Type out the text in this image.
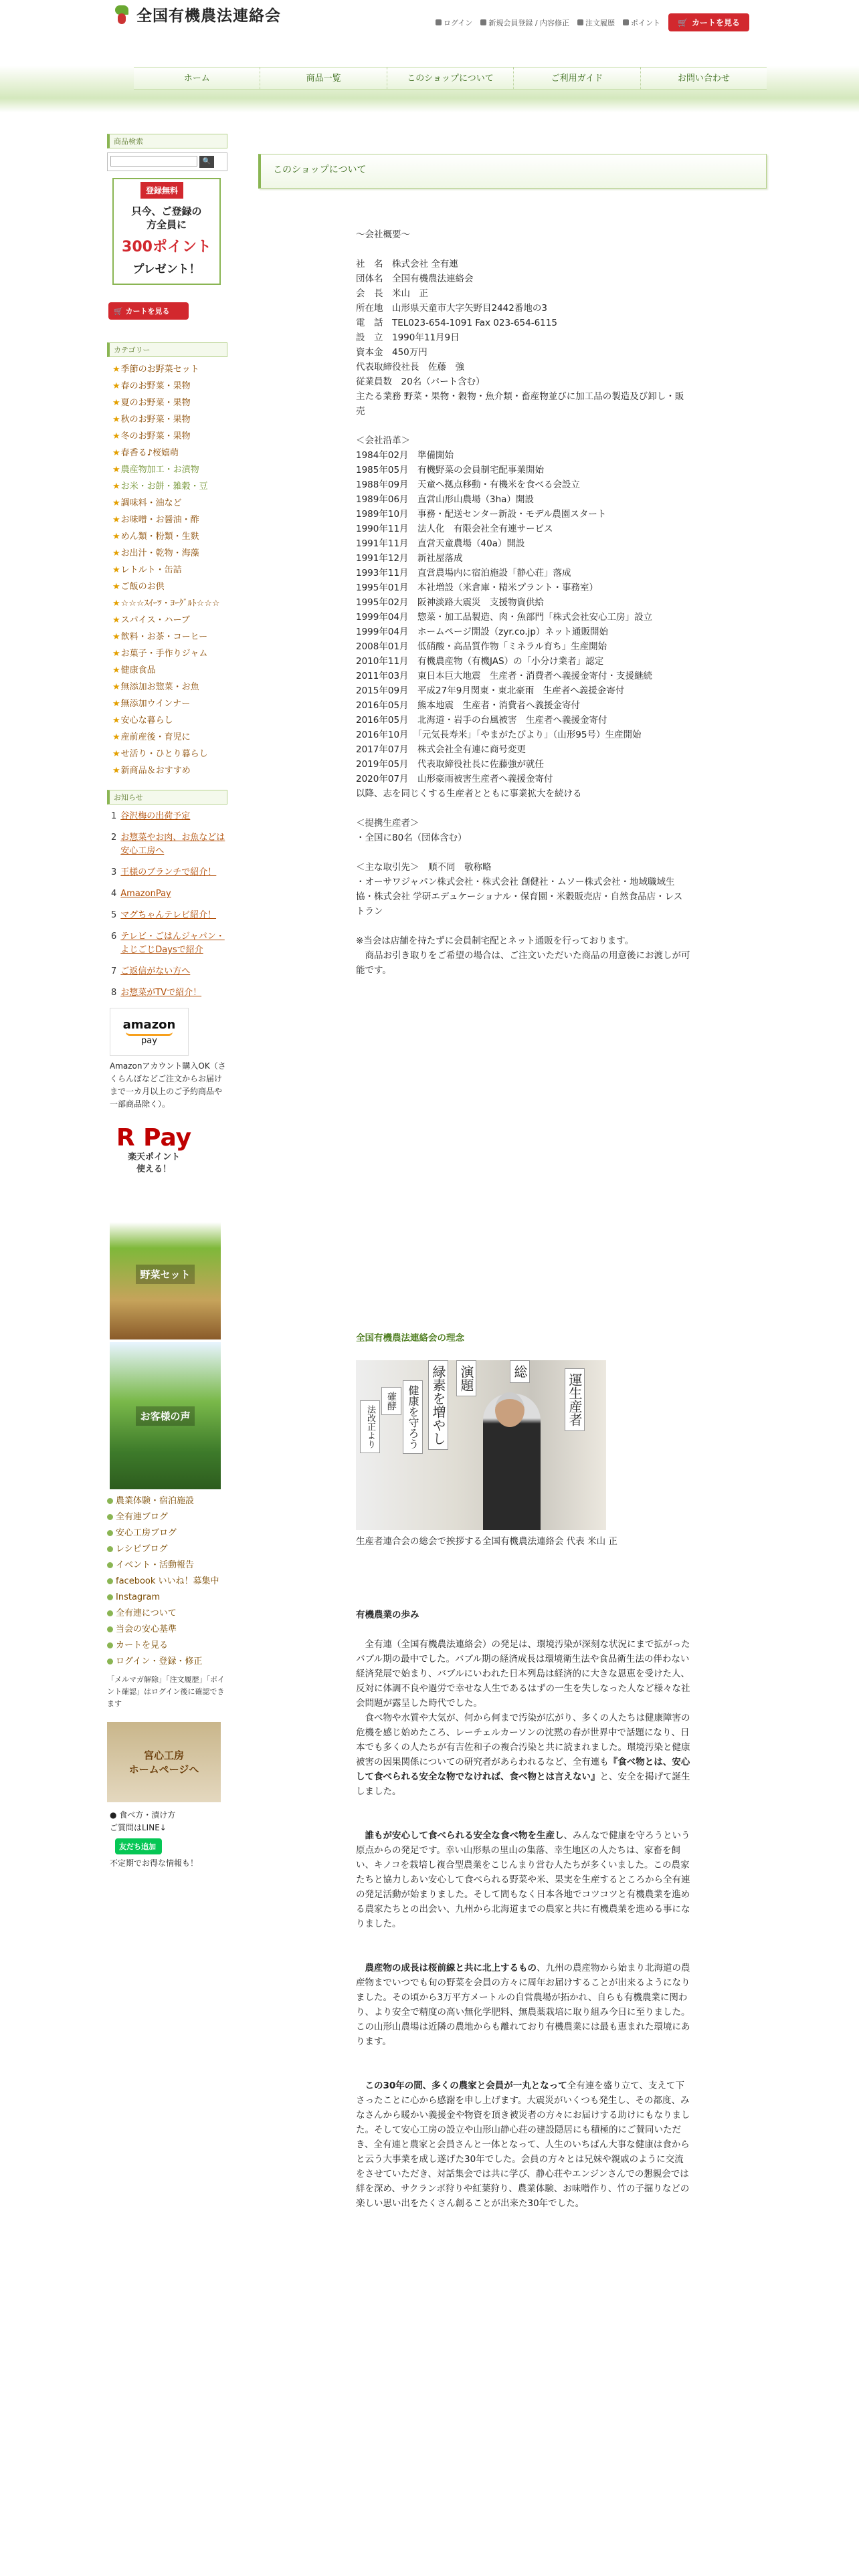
全国有機農法連絡会	ログイン 新規会員登録 / 内容修正 注文履歴 ポイント 🛒 カートを見る
ホーム	商品一覧	このショップについて	ご利用ガイド	お問い合わせ
商品検索
🔍
登録無料
只今、ご登録の
方全員に
300ポイント
プレゼント！
🛒 カートを見る
カテゴリー
★季節のお野菜セット
★春のお野菜・果物
★夏のお野菜・果物
★秋のお野菜・果物
★冬のお野菜・果物
★春香る♪桜嬉萌
★農産物加工・お漬物
★お米・お餅・雑穀・豆
★調味料・油など
★お味噌・お醤油・酢
★めん類・粉類・生麩
★お出汁・乾物・海藻
★レトルト・缶詰
★ご飯のお供
★☆☆☆ｽｲｰﾂ・ﾖｰｸﾞﾙﾄ☆☆☆
★スパイス・ハーブ
★飲料・お茶・コーヒー
★お菓子・手作りジャム
★健康食品
★無添加お惣菜・お魚
★無添加ウインナー
★安心な暮らし
★産前産後・育児に
★せ活り・ひとり暮らし
★新商品＆おすすめ
お知らせ
1 谷沢梅の出荷予定
2 お惣菜やお肉、お魚などは安心工房へ
3 王様のブランチで紹介！
4 AmazonPay
5 マグちゃんテレビ紹介！
6 テレビ・ごはんジャパン・よじごじDaysで紹介
7 ご返信がない方へ
8 お惣菜がTVで紹介！
amazon
pay

Amazonアカウント購入OK（さくらんぼなどご注文からお届けまで一カ月以上のご予約商品や一部商品除く）。

R Pay
楽天ポイント
使える！
野菜セット
お客様の声
農業体験・宿泊施設
全有連ブログ
安心工房ブログ
レシピブログ
イベント・活動報告
facebook いいね！募集中
Instagram
全有連について
当会の安心基準
カートを見る
ログイン・登録・修正

「メルマガ解除」「注文履歴」「ポイント確認」はログイン後に確認できます

宮心工房
ホームページへ

● 食べ方・漬け方

ご質問はLINE↓

友だち追加

不定期でお得な情報も！

このショップについて

～会社概要～

社　名　株式会社 全有連
団体名　全国有機農法連絡会
会　長　米山　正
所在地　山形県天童市大字矢野目2442番地の3
電　話　TEL023-654-1091 Fax 023-654-6115
設　立　1990年11月9日
資本金　450万円
代表取締役社長　佐藤　強
従業員数　20名（パート含む）
主たる業務 野菜・果物・穀物・魚介類・畜産物並びに加工品の製造及び卸し・販売

＜会社沿革＞
1984年02月　準備開始
1985年05月　有機野菜の会員制宅配事業開始
1988年09月　天童へ拠点移動・有機米を食べる会設立
1989年06月　直営山形山農場（3ha）開設
1989年10月　事務・配送センター新設・モデル農園スタート
1990年11月　法人化　有限会社全有連サービス
1991年11月　直営天童農場（40a）開設
1991年12月　新社屋落成
1993年11月　直営農場内に宿泊施設「静心荘」落成
1995年01月　本社増設（米倉庫・精米プラント・事務室）
1995年02月　阪神淡路大震災　支援物資供給
1999年04月　惣菜・加工品製造、肉・魚部門「株式会社安心工房」設立
1999年04月　ホームページ開設（zyr.co.jp）ネット通販開始
2008年01月　低硝酸・高品質作物「ミネラル育ち」生産開始
2010年11月　有機農産物（有機JAS）の「小分け業者」認定
2011年03月　東日本巨大地震　生産者・消費者へ義援金寄付・支援継続
2015年09月　平成27年9月関東・東北豪雨　生産者へ義援金寄付
2016年05月　熊本地震　生産者・消費者へ義援金寄付
2016年05月　北海道・岩手の台風被害　生産者へ義援金寄付
2016年10月　「元気長寿米」「やまがたびより」（山形95号）生産開始
2017年07月　株式会社全有連に商号変更
2019年05月　代表取締役社長に佐藤強が就任
2020年07月　山形豪雨被害生産者へ義援金寄付
以降、志を同じくする生産者とともに事業拡大を続ける

＜提携生産者＞
・全国に80名（団体含む）

＜主な取引先＞　順不同　敬称略
・オーサワジャパン株式会社・株式会社 創健社・ムソー株式会社・地域職域生協・株式会社 学研エデュケーショナル・保育園・米穀販売店・自然食品店・レストラン

※当会は店舗を持たずに会員制宅配とネット通販を行っております。
　商品お引き取りをご希望の場合は、ご注文いただいた商品の用意後にお渡しが可能です。

全国有機農法連絡会の理念

総
運生産者
演題
緑素を増やし
健康を守ろう
確酵
法改正より

生産者連合会の総会で挨拶する全国有機農法連絡会 代表 米山 正

有機農業の歩み

　全有連（全国有機農法連絡会）の発足は、環境汚染が深刻な状況にまで拡がったバブル期の最中でした。バブル期の経済成長は環境衛生法や食品衛生法の伴わない経済発展で始まり、バブルにいわれた日本列島は経済的に大きな恩恵を受けた人、反対に体調不良や過労で幸せな人生であるはずの一生を失しなった人など様々な社会問題が露呈した時代でした。
　食べ物や水質や大気が、何から何まで汚染が広がり、多くの人たちは健康障害の危機を感じ始めたころ、レーチェルカーソンの沈黙の春が世界中で話題になり、日本でも多くの人たちが有吉佐和子の複合汚染と共に読まれました。環境汚染と健康被害の因果関係についての研究者があらわれるなど、全有連も『食べ物とは、安心して食べられる安全な物でなければ、食べ物とは言えない』と、安全を掲げて誕生しました。

　誰もが安心して食べられる安全な食べ物を生産し、みんなで健康を守ろうという原点からの発足です。幸い山形県の里山の集落、幸生地区の人たちは、家畜を飼い、キノコを栽培し複合型農業をこじんまり営む人たちが多くいました。この農家たちと協力しあい安心して食べられる野菜や米、果実を生産するところから全有連の発足活動が始まりました。そして間もなく日本各地でコツコツと有機農業を進める農家たちとの出会い、九州から北海道までの農家と共に有機農業を進める事になりました。

　農産物の成長は桜前線と共に北上するもの、九州の農産物から始まり北海道の農産物までいつでも旬の野菜を会員の方々に周年お届けすることが出来るようになりました。その頃から3万平方メートルの自営農場が拓かれ、自らも有機農業に関わり、より安全で精度の高い無化学肥料、無農薬栽培に取り組み今日に至りました。この山形山農場は近隣の農地からも離れており有機農業には最も恵まれた環境にあります。

　この30年の間、多くの農家と会員が一丸となって全有連を盛り立て、支えて下さったことに心から感謝を申し上げます。大震災がいくつも発生し、その都度、みなさんから暖かい義援金や物資を頂き被災者の方々にお届けする助けにもなりました。そして安心工房の設立や山形山静心荘の建設隠居にも積極的にご賛同いただき、全有連と農家と会員さんと一体となって、人生のいちばん大事な健康は食からと云う大事業を成し遂げた30年でした。会員の方々とは兄妹や親戚のように交流をさせていただき、対話集会では共に学び、静心荘やエンジンさんでの懇親会では絆を深め、サクランボ狩りや紅葉狩り、農業体験、お味噌作り、竹の子掘りなどの楽しい思い出をたくさん創ることが出来た30年でした。
